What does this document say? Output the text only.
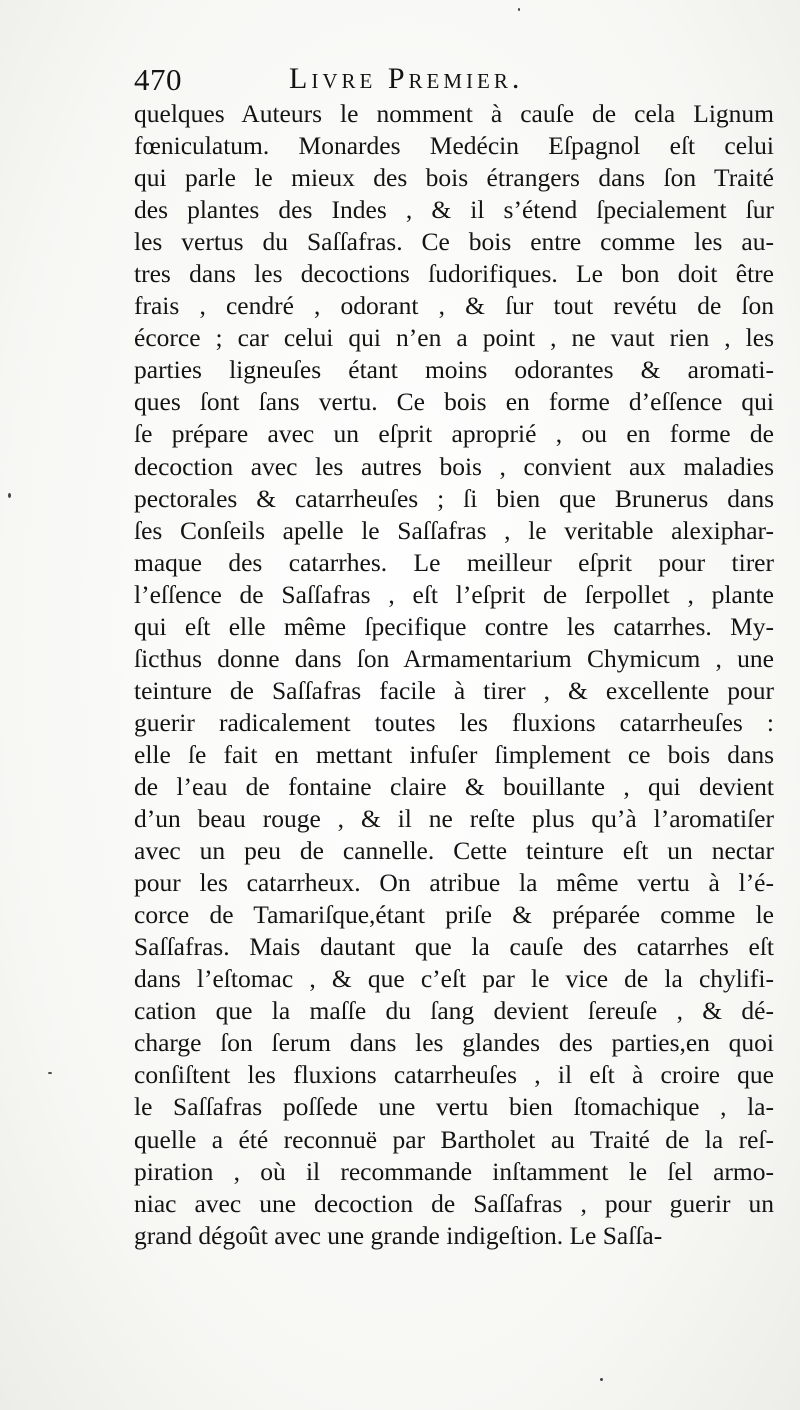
470	Livre Premier.
quelques Auteurs le nomment à cauſe de cela Lignum
fœniculatum. Monardes Medécin Eſpagnol eſt celui
qui parle le mieux des bois étrangers dans ſon Traité
des plantes des Indes , & il s’étend ſpecialement ſur
les vertus du Saſſafras. Ce bois entre comme les au-
tres dans les decoctions ſudorifiques. Le bon doit être
frais , cendré , odorant , & ſur tout revétu de ſon
écorce ; car celui qui n’en a point , ne vaut rien , les
parties ligneuſes étant moins odorantes & aromati-
ques ſont ſans vertu. Ce bois en forme d’eſſence qui
ſe prépare avec un eſprit aproprié , ou en forme de
decoction avec les autres bois , convient aux maladies
pectorales & catarrheuſes ; ſi bien que Brunerus dans
ſes Conſeils apelle le Saſſafras , le veritable alexiphar-
maque des catarrhes. Le meilleur eſprit pour tirer
l’eſſence de Saſſafras , eſt l’eſprit de ſerpollet , plante
qui eſt elle même ſpecifique contre les catarrhes. My-
ſicthus donne dans ſon Armamentarium Chymicum , une
teinture de Saſſafras facile à tirer , & excellente pour
guerir radicalement toutes les fluxions catarrheuſes :
elle ſe fait en mettant infuſer ſimplement ce bois dans
de l’eau de fontaine claire & bouillante , qui devient
d’un beau rouge , & il ne reſte plus qu’à l’aromatiſer
avec un peu de cannelle. Cette teinture eſt un nectar
pour les catarrheux. On atribue la même vertu à l’é-
corce de Tamariſque,étant priſe & préparée comme le
Saſſafras. Mais dautant que la cauſe des catarrhes eſt
dans l’eſtomac , & que c’eſt par le vice de la chylifi-
cation que la maſſe du ſang devient ſereuſe , & dé-
charge ſon ſerum dans les glandes des parties,en quoi
conſiſtent les fluxions catarrheuſes , il eſt à croire que
le Saſſafras poſſede une vertu bien ſtomachique , la-
quelle a été reconnuë par Bartholet au Traité de la reſ-
piration , où il recommande inſtamment le ſel armo-
niac avec une decoction de Saſſafras , pour guerir un
grand dégoût avec une grande indigeſtion. Le Saſſa-
